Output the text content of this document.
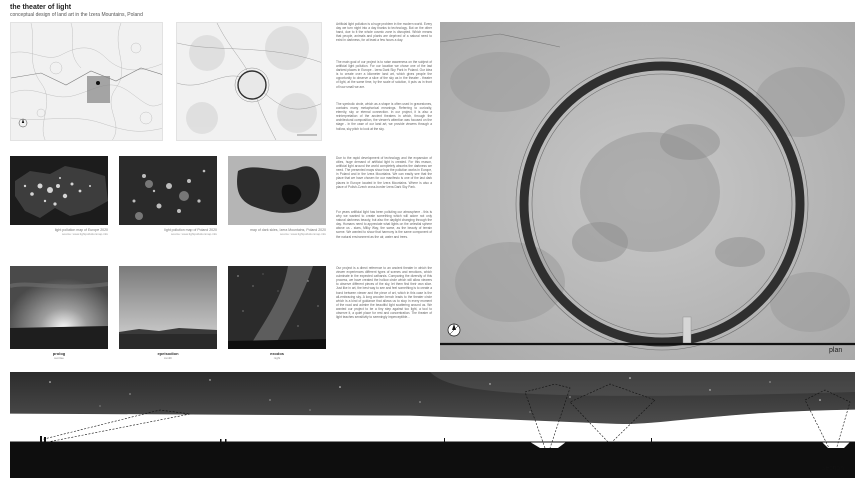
the theater of light
conceptual design of land art in the Izera Mountains, Poland
light pollution map of Europe 2020
source: www.lightpollutionmap.info
light pollution map of Poland 2020
source: www.lightpollutionmap.info
map of dark skies, Izera Mountains, Poland 2020
source: www.lightpollutionmap.info
prolog
sunrise
epeisodion
zenith
exodos
night
Artificial light pollution is a huge problem in the modern world. Every day we turn night into a day thanks to technology. But on the other hand, due to it the whole cosmic zone is disrupted. Which means that people, animals and plants are deprived of a natural need to exist in darkness, for at least a few hours a day.
The main goal of our project is to raise awareness on the subject of artificial light pollution. For our location we chose one of the last darkest places in Europe - Izera Dark Sky Park in Poland. Our idea is to create over a kilometer land art, which gives people the opportunity to observe a slice of the sky as in the theater - theater of light, at the same time, by the scale of solution, it puts us in front of how small we are.
The symbolic circle, which as a shape is often used in gravestones, contains many metaphorical meanings. Referring to curiosity, eternity, sky or eternal connection. In our project, it is also a reinterpretation of the ancient theaters in which, through the architectural composition, the viewer's attention was focused on the stage - in the case of our land art, we provide viewers through a hollow, sky pitch to look at the sky.
Due to the rapid development of technology and the expansion of cities, huge demand of artificial light is created. For this reason, artificial light around the world completely absorbs the darkness we need. The presented maps show how the pollution works in Europe, in Poland and in the Izera Mountains. We can easily see that the place that we have chosen for our manifesto is one of the last dark places in Europe located in the Izera Mountains. Where is also a place of Polish-Czech cross-border Izera Dark Sky Park.
For years artificial light has been polluting our atmosphere - this is why we wanted to create something which will adore not only natural darkness beauty, but also the daylight changing through the day. Humans need to appreciate what lights on the celestial sphere above us - stars, Milky Way, the same, as the beauty of terrain scene. We wanted to show that harmony is the same component of the natural environment as the air, water and trees.
Our project is a direct reference to an ancient theater in which the viewer experiences different types of scenes and emotions, which culminate in the expected catharsis. Comparing the diversity of this process, we have created the hollow circle which will allow viewers to observe different pieces of the sky, let them find their own slice. Just like in art, the best way to see and feel something is to create a bond between viewer and the piece of art, which in this case is the all-embracing sky. A long wooden bench leads to the theater circle which is a kind of guidance that allows us to stop in every moment of the road and admire the beautiful light scattering around us. We wanted our project to be a tiny step against too light, a tool to observe it, a quiet place for rest and concentration. The theater of light teaches sensitivity to seemingly imperceptible...
plan
section
